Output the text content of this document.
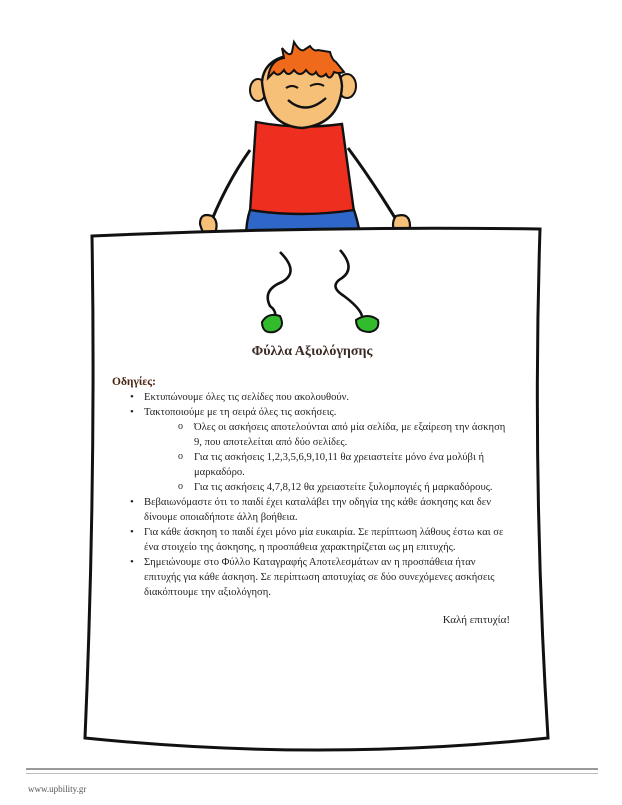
Φύλλα Αξιολόγησης
Οδηγίες:
• Εκτυπώνουμε όλες τις σελίδες που ακολουθούν.
• Τακτοποιούμε με τη σειρά όλες τις ασκήσεις.
o Όλες οι ασκήσεις αποτελούνται από μία σελίδα, με εξαίρεση την άσκηση 9, που αποτελείται από δύο σελίδες.
o Για τις ασκήσεις 1,2,3,5,6,9,10,11 θα χρειαστείτε μόνο ένα μολύβι ή μαρκαδόρο.
o Για τις ασκήσεις 4,7,8,12 θα χρειαστείτε ξυλομπογιές ή μαρκαδόρους.
• Βεβαιωνόμαστε ότι το παιδί έχει καταλάβει την οδηγία της κάθε άσκησης και δεν δίνουμε οποιαδήποτε άλλη βοήθεια.
• Για κάθε άσκηση το παιδί έχει μόνο μία ευκαιρία. Σε περίπτωση λάθους έστω και σε ένα στοιχείο της άσκησης, η προσπάθεια χαρακτηρίζεται ως μη επιτυχής.
• Σημειώνουμε στο Φύλλο Καταγραφής Αποτελεσμάτων αν η προσπάθεια ήταν επιτυχής για κάθε άσκηση. Σε περίπτωση αποτυχίας σε δύο συνεχόμενες ασκήσεις διακόπτουμε την αξιολόγηση.
Καλή επιτυχία!
www.upbility.gr
